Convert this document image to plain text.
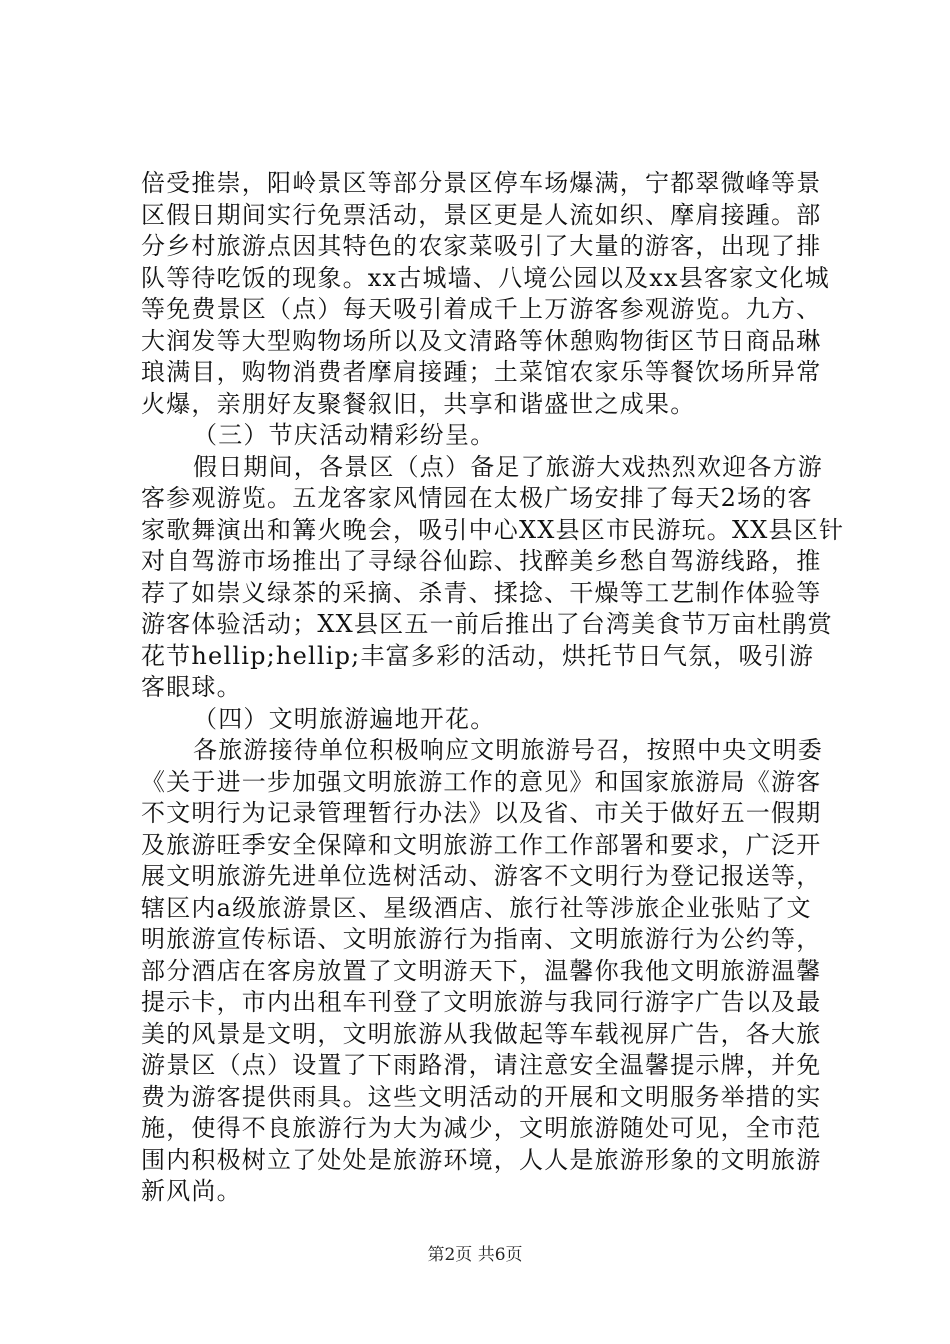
倍受推崇，阳岭景区等部分景区停车场爆满，宁都翠微峰等景
区假日期间实行免票活动，景区更是人流如织、摩肩接踵。部
分乡村旅游点因其特色的农家菜吸引了大量的游客，出现了排
队等待吃饭的现象。xx古城墙、八境公园以及xx县客家文化城
等免费景区（点）每天吸引着成千上万游客参观游览。九方、
大润发等大型购物场所以及文清路等休憩购物街区节日商品琳
琅满目，购物消费者摩肩接踵；土菜馆农家乐等餐饮场所异常
火爆，亲朋好友聚餐叙旧，共享和谐盛世之成果。
（三）节庆活动精彩纷呈。
假日期间，各景区（点）备足了旅游大戏热烈欢迎各方游
客参观游览。五龙客家风情园在太极广场安排了每天2场的客
家歌舞演出和篝火晚会，吸引中心XX县区市民游玩。XX县区针
对自驾游市场推出了寻绿谷仙踪、找醉美乡愁自驾游线路，推
荐了如崇义绿茶的采摘、杀青、揉捻、干燥等工艺制作体验等
游客体验活动；XX县区五一前后推出了台湾美食节万亩杜鹃赏
花节hellip;hellip;丰富多彩的活动，烘托节日气氛，吸引游
客眼球。
（四）文明旅游遍地开花。
各旅游接待单位积极响应文明旅游号召，按照中央文明委
《关于进一步加强文明旅游工作的意见》和国家旅游局《游客
不文明行为记录管理暂行办法》以及省、市关于做好五一假期
及旅游旺季安全保障和文明旅游工作工作部署和要求，广泛开
展文明旅游先进单位选树活动、游客不文明行为登记报送等，
辖区内a级旅游景区、星级酒店、旅行社等涉旅企业张贴了文
明旅游宣传标语、文明旅游行为指南、文明旅游行为公约等，
部分酒店在客房放置了文明游天下，温馨你我他文明旅游温馨
提示卡，市内出租车刊登了文明旅游与我同行游字广告以及最
美的风景是文明，文明旅游从我做起等车载视屏广告，各大旅
游景区（点）设置了下雨路滑，请注意安全温馨提示牌，并免
费为游客提供雨具。这些文明活动的开展和文明服务举措的实
施，使得不良旅游行为大为减少，文明旅游随处可见，全市范
围内积极树立了处处是旅游环境，人人是旅游形象的文明旅游
新风尚。
第2页 共6页
